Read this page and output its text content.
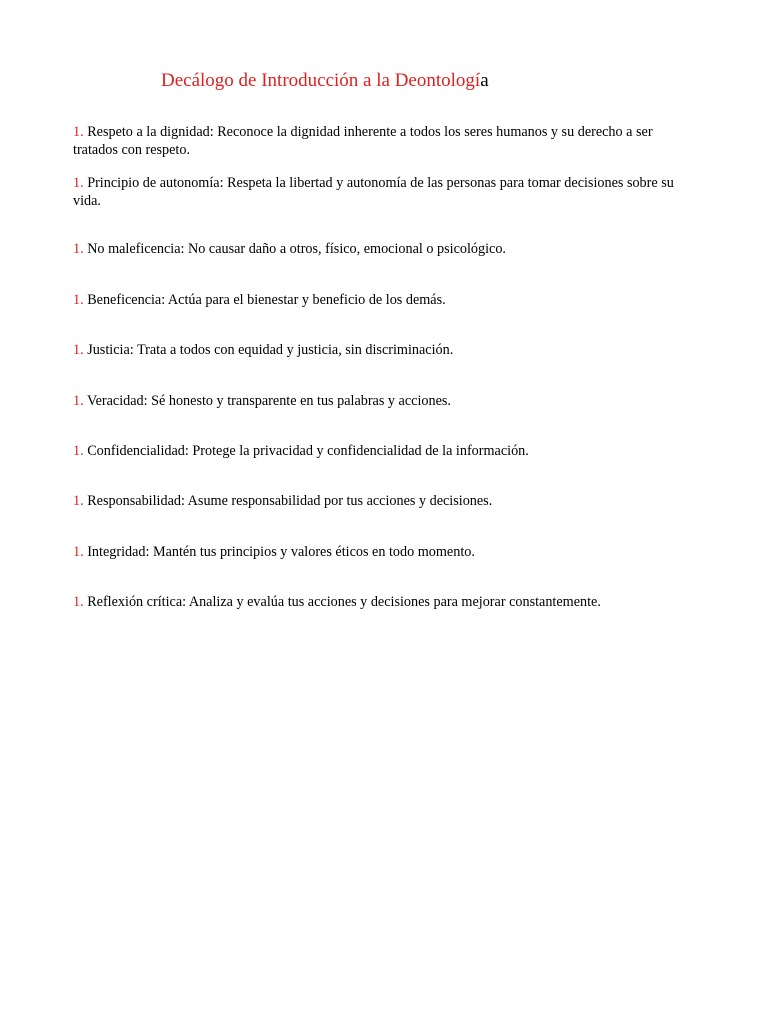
Decálogo de Introducción a la Deontología

1. Respeto a la dignidad: Reconoce la dignidad inherente a todos los seres humanos y su derecho a ser tratados con respeto.

1. Principio de autonomía: Respeta la libertad y autonomía de las personas para tomar decisiones sobre su vida.

1. No maleficencia: No causar daño a otros, físico, emocional o psicológico.

1. Beneficencia: Actúa para el bienestar y beneficio de los demás.

1. Justicia: Trata a todos con equidad y justicia, sin discriminación.

1. Veracidad: Sé honesto y transparente en tus palabras y acciones.

1. Confidencialidad: Protege la privacidad y confidencialidad de la información.

1. Responsabilidad: Asume responsabilidad por tus acciones y decisiones.

1. Integridad: Mantén tus principios y valores éticos en todo momento.

1. Reflexión crítica: Analiza y evalúa tus acciones y decisiones para mejorar constantemente.
